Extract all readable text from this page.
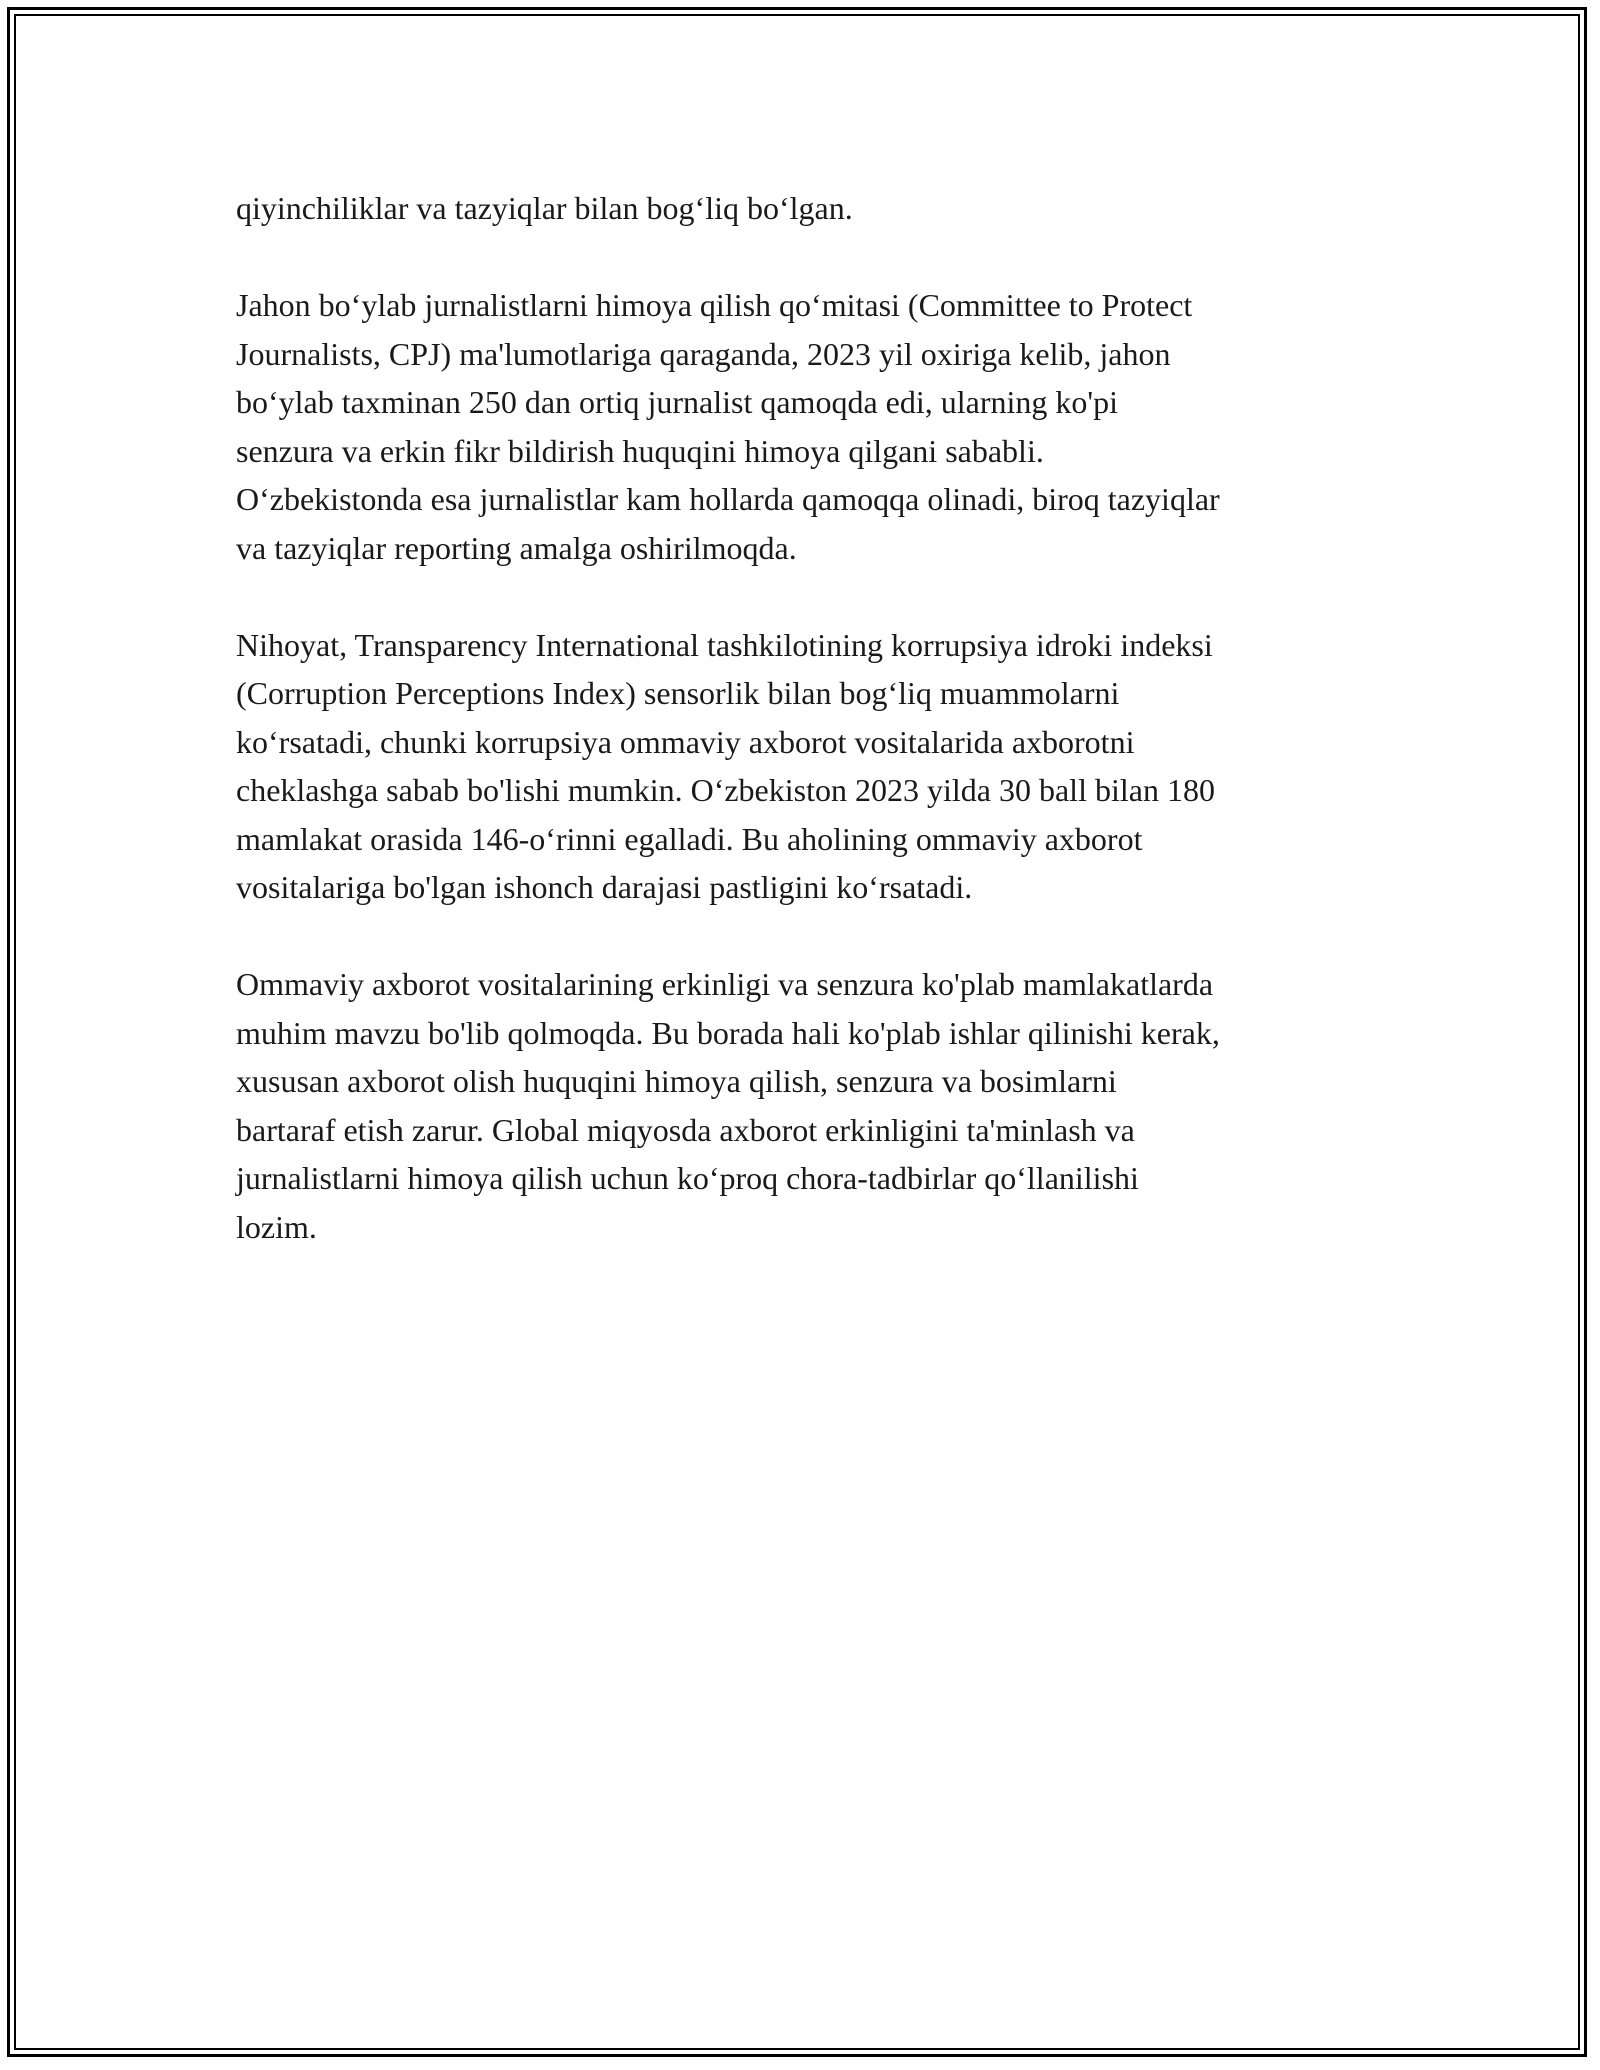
qiyinchiliklar va tazyiqlar bilan bog‘liq bo‘lgan.

Jahon bo‘ylab jurnalistlarni himoya qilish qo‘mitasi (Committee to Protect
Journalists, CPJ) ma'lumotlariga qaraganda, 2023 yil oxiriga kelib, jahon
bo‘ylab taxminan 250 dan ortiq jurnalist qamoqda edi, ularning ko'pi
senzura va erkin fikr bildirish huquqini himoya qilgani sababli.
O‘zbekistonda esa jurnalistlar kam hollarda qamoqqa olinadi, biroq tazyiqlar
va tazyiqlar reporting amalga oshirilmoqda.

Nihoyat, Transparency International tashkilotining korrupsiya idroki indeksi
(Corruption Perceptions Index) sensorlik bilan bog‘liq muammolarni
ko‘rsatadi, chunki korrupsiya ommaviy axborot vositalarida axborotni
cheklashga sabab bo'lishi mumkin. O‘zbekiston 2023 yilda 30 ball bilan 180
mamlakat orasida 146-o‘rinni egalladi. Bu aholining ommaviy axborot
vositalariga bo'lgan ishonch darajasi pastligini ko‘rsatadi.

Ommaviy axborot vositalarining erkinligi va senzura ko'plab mamlakatlarda
muhim mavzu bo'lib qolmoqda. Bu borada hali ko'plab ishlar qilinishi kerak,
xususan axborot olish huquqini himoya qilish, senzura va bosimlarni
bartaraf etish zarur. Global miqyosda axborot erkinligini ta'minlash va
jurnalistlarni himoya qilish uchun ko‘proq chora-tadbirlar qo‘llanilishi
lozim.
